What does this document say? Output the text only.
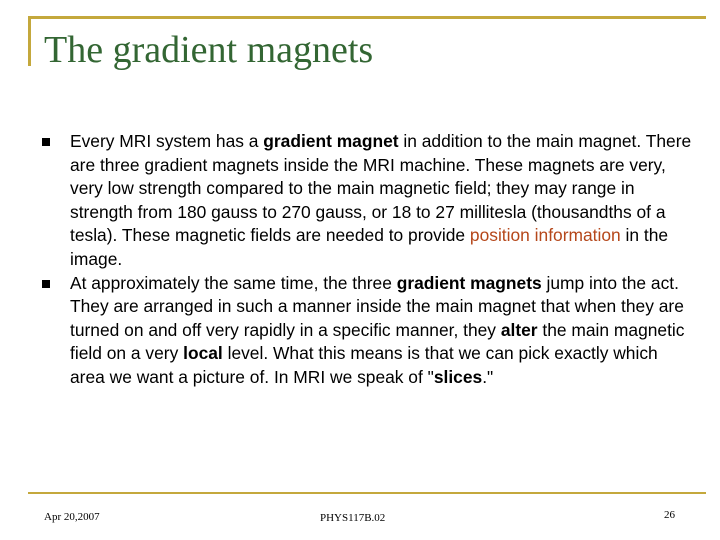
The gradient magnets
Every MRI system has a gradient magnet in addition to the main magnet. There are three gradient magnets inside the MRI machine. These magnets are very, very low strength compared to the main magnetic field; they may range in strength from 180 gauss to 270 gauss, or 18 to 27 millitesla (thousandths of a tesla). These magnetic fields are needed to provide position information in the image.
At approximately the same time, the three gradient magnets jump into the act. They are arranged in such a manner inside the main magnet that when they are turned on and off very rapidly in a specific manner, they alter the main magnetic field on a very local level. What this means is that we can pick exactly which area we want a picture of. In MRI we speak of "slices."
Apr 20,2007	PHYS117B.02	26
